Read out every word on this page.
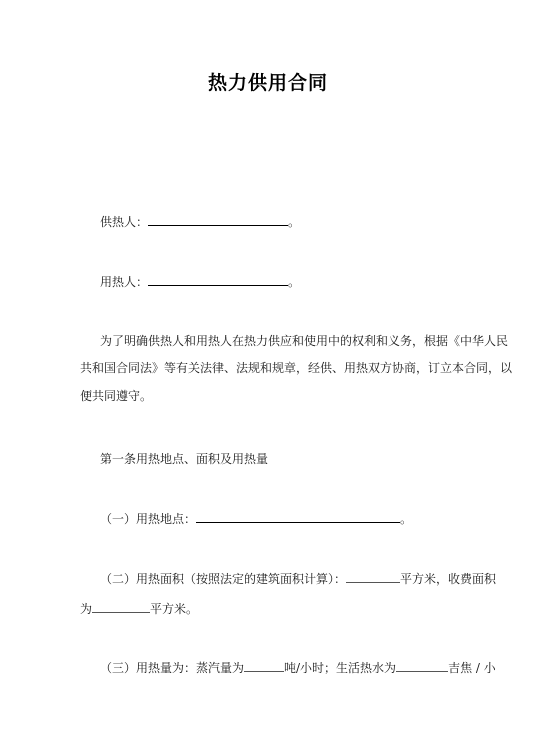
热力供用合同
供热人：	。
用热人：	。
为了明确供热人和用热人在热力供应和使用中的权利和义务，根据《中华人民
共和国合同法》等有关法律、法规和规章，经供、用热双方协商，订立本合同，以
便共同遵守。
第一条用热地点、面积及用热量
（一）用热地点：	。
（二）用热面积（按照法定的建筑面积计算）：	平方米，收费面积
为	平方米。
（三）用热量为：蒸汽量为	吨/小时；生活热水为	吉焦 / 小
